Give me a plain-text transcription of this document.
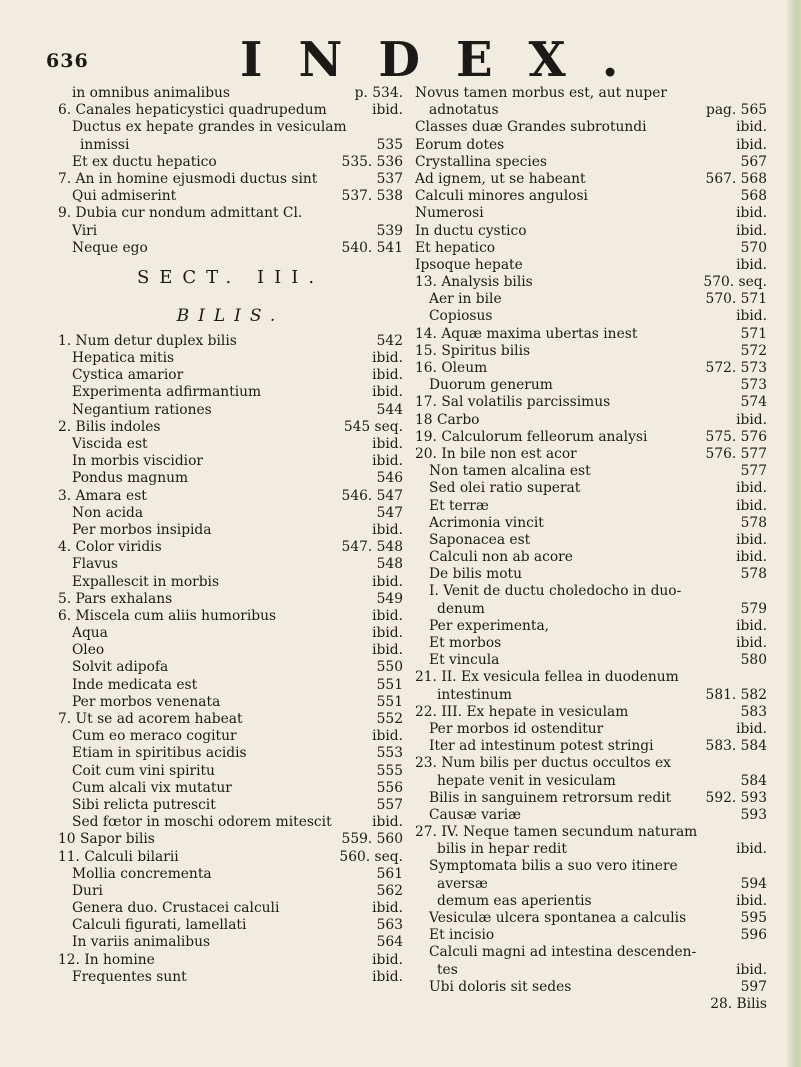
636	INDEX.
in omnibus animalibus	p. 534.
6. Canales hepaticystici quadrupedum	ibid.
Ductus ex hepate grandes in vesiculam
inmissi	535
Et ex ductu hepatico	535. 536
7. An in homine ejusmodi ductus sint	537
Qui admiserint	537. 538
9. Dubia cur nondum admittant Cl.
Viri	539
Neque ego	540. 541
SECT. III.
BILIS.
1. Num detur duplex bilis	542
Hepatica mitis	ibid.
Cystica amarior	ibid.
Experimenta adfirmantium	ibid.
Negantium rationes	544
2. Bilis indoles	545 seq.
Viscida est	ibid.
In morbis viscidior	ibid.
Pondus magnum	546
3. Amara est	546. 547
Non acida	547
Per morbos insipida	ibid.
4. Color viridis	547. 548
Flavus	548
Expallescit in morbis	ibid.
5. Pars exhalans	549
6. Miscela cum aliis humoribus	ibid.
Aqua	ibid.
Oleo	ibid.
Solvit adipofa	550
Inde medicata est	551
Per morbos venenata	551
7. Ut se ad acorem habeat	552
Cum eo meraco cogitur	ibid.
Etiam in spiritibus acidis	553
Coit cum vini spiritu	555
Cum alcali vix mutatur	556
Sibi relicta putrescit	557
Sed fœtor in moschi odorem mitescit	ibid.
10 Sapor bilis	559. 560
11. Calculi bilarii	560. seq.
Mollia concrementa	561
Duri	562
Genera duo. Crustacei calculi	ibid.
Calculi figurati, lamellati	563
In variis animalibus	564
12. In homine	ibid.
Frequentes sunt	ibid.
Novus tamen morbus est, aut nuper
adnotatus	pag. 565
Classes duæ Grandes subrotundi	ibid.
Eorum dotes	ibid.
Crystallina species	567
Ad ignem, ut se habeant	567. 568
Calculi minores angulosi	568
Numerosi	ibid.
In ductu cystico	ibid.
Et hepatico	570
Ipsoque hepate	ibid.
13. Analysis bilis	570. seq.
Aer in bile	570. 571
Copiosus	ibid.
14. Aquæ maxima ubertas inest	571
15. Spiritus bilis	572
16. Oleum	572. 573
Duorum generum	573
17. Sal volatilis parcissimus	574
18 Carbo	ibid.
19. Calculorum felleorum analysi	575. 576
20. In bile non est acor	576. 577
Non tamen alcalina est	577
Sed olei ratio superat	ibid.
Et terræ	ibid.
Acrimonia vincit	578
Saponacea est	ibid.
Calculi non ab acore	ibid.
De bilis motu	578
I. Venit de ductu choledocho in duo-
denum	579
Per experimenta,	ibid.
Et morbos	ibid.
Et vincula	580
21. II. Ex vesicula fellea in duodenum
intestinum	581. 582
22. III. Ex hepate in vesiculam	583
Per morbos id ostenditur	ibid.
Iter ad intestinum potest stringi	583. 584
23. Num bilis per ductus occultos ex
hepate venit in vesiculam	584
Bilis in sanguinem retrorsum redit 592. 593
Causæ variæ	593
27. IV. Neque tamen secundum naturam
bilis in hepar redit	ibid.
Symptomata bilis a suo vero itinere
aversæ	594
demum eas aperientis	ibid.
Vesiculæ ulcera spontanea a calculis	595
Et incisio	596
Calculi magni ad intestina descenden-
tes	ibid.
Ubi doloris sit sedes	597
28. Bilis
